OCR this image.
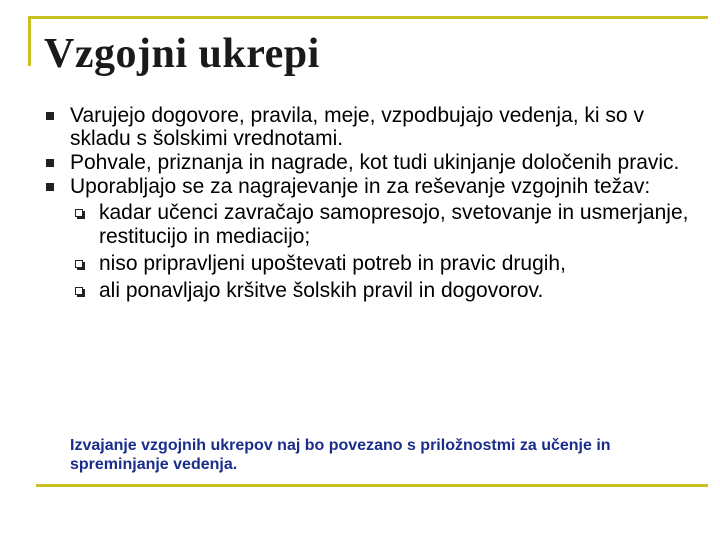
Vzgojni ukrepi
Varujejo dogovore, pravila, meje, vzpodbujajo vedenja, ki so v skladu s šolskimi vrednotami.
Pohvale, priznanja in nagrade, kot tudi ukinjanje določenih pravic.
Uporabljajo se za nagrajevanje in za reševanje vzgojnih težav:
kadar učenci zavračajo samopresojo, svetovanje in usmerjanje, restitucijo in mediacijo;
niso pripravljeni upoštevati potreb in pravic drugih,
ali ponavljajo kršitve šolskih pravil in dogovorov.

Izvajanje vzgojnih ukrepov naj bo povezano s priložnostmi za učenje in spreminjanje vedenja.
